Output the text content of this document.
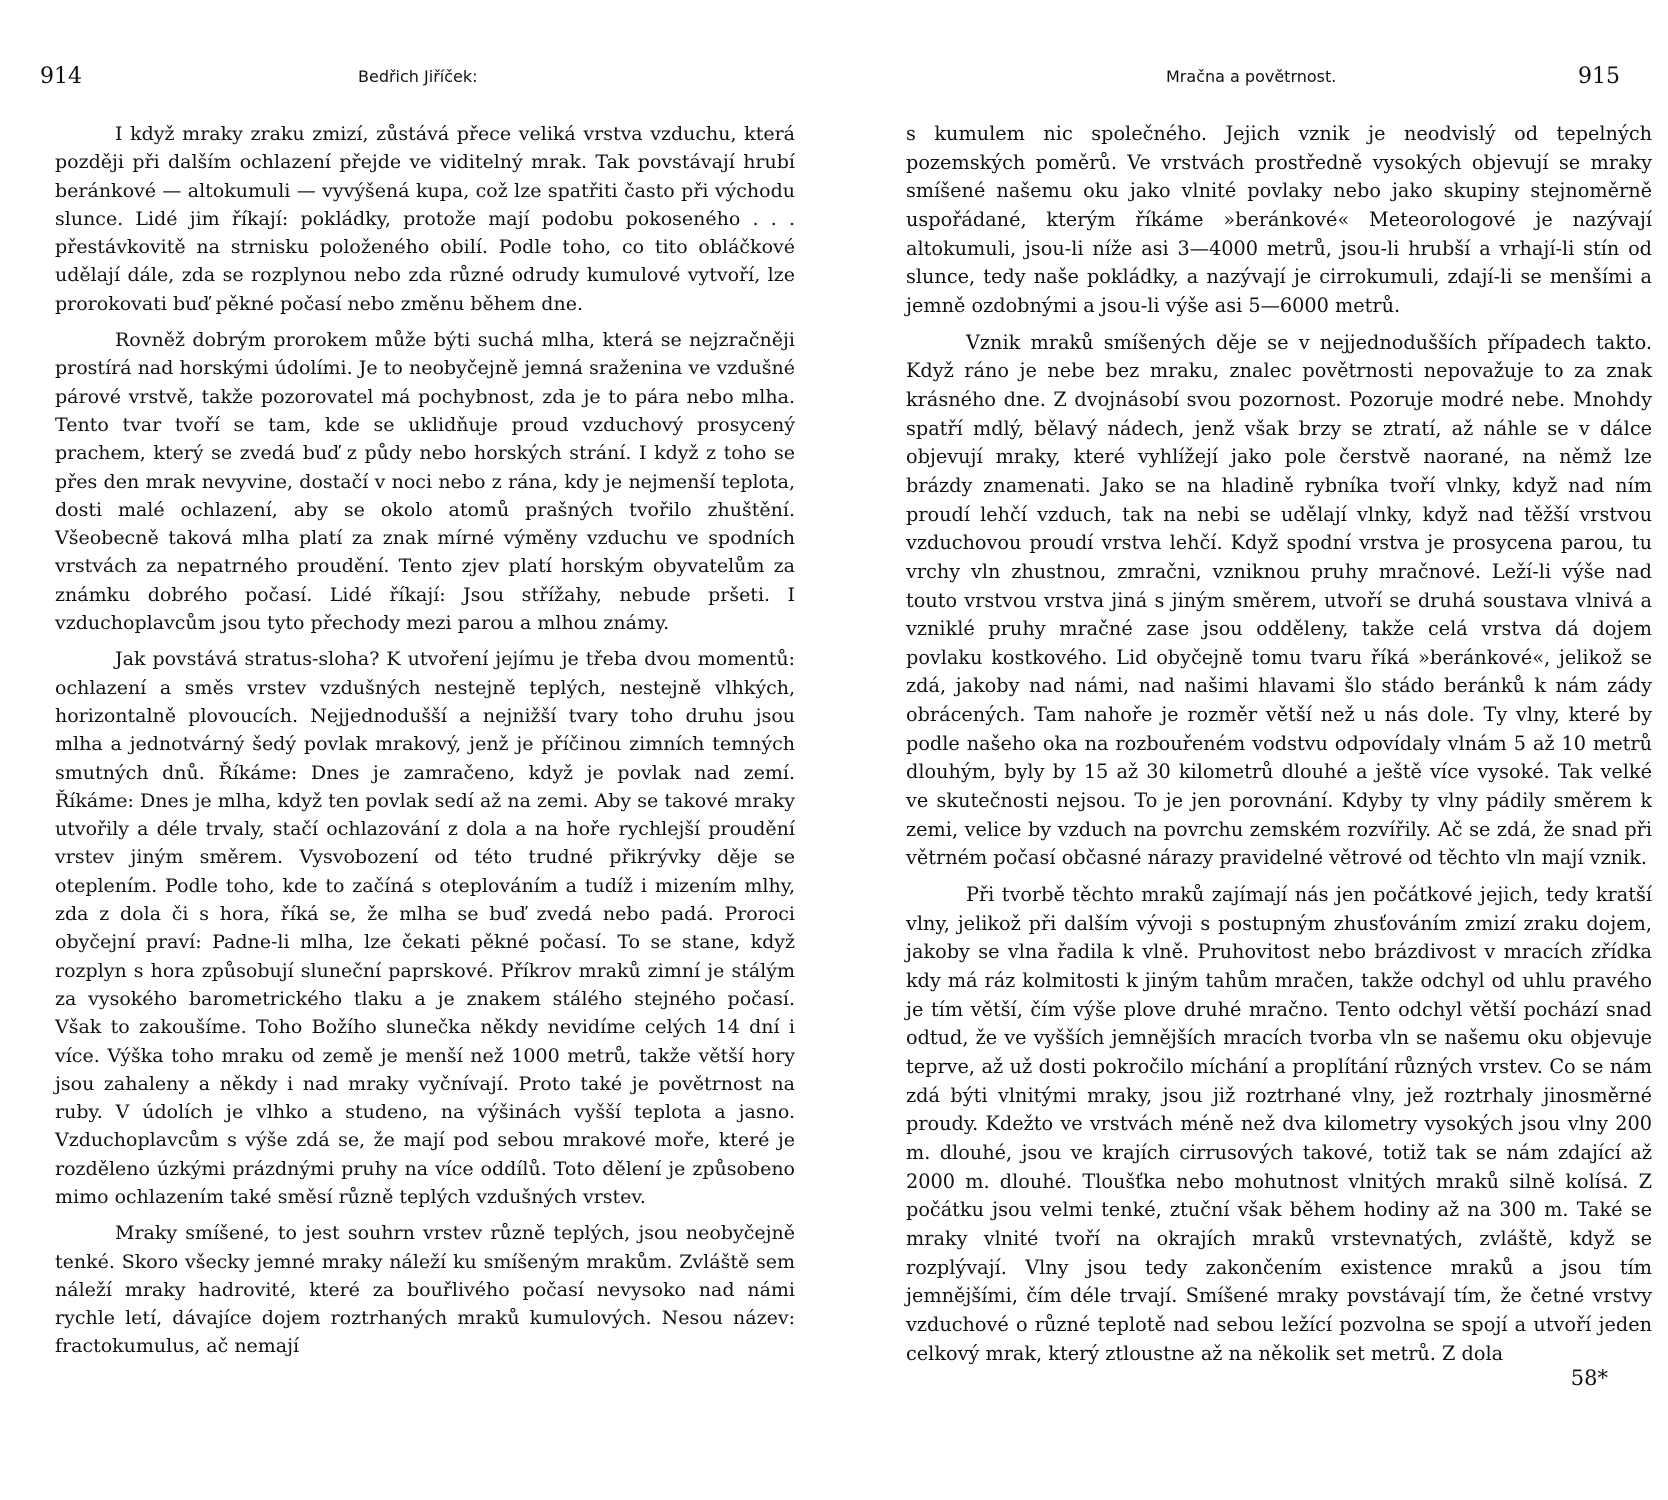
914	Bedřich Jiříček:

I když mraky zraku zmizí, zůstává přece veliká vrstva vzduchu, která později při dalším ochlazení přejde ve viditelný mrak. Tak povstávají hrubí beránkové — altokumuli — vyvýšená kupa, což lze spatřiti často při východu slunce. Lidé jim říkají: pokládky, protože mají podobu pokoseného . . . přestávkovitě na strnisku položeného obilí. Podle toho, co tito obláčkové udělají dále, zda se rozplynou nebo zda různé odrudy kumulové vytvoří, lze prorokovati buď pěkné počasí nebo změnu během dne.

Rovněž dobrým prorokem může býti suchá mlha, která se nejzračněji prostírá nad horskými údolími. Je to neobyčejně jemná sraženina ve vzdušné párové vrstvě, takže pozorovatel má pochybnost, zda je to pára nebo mlha. Tento tvar tvoří se tam, kde se uklidňuje proud vzduchový prosycený prachem, který se zvedá buď z půdy nebo horských strání. I když z toho se přes den mrak nevyvine, dostačí v noci nebo z rána, kdy je nejmenší teplota, dosti malé ochlazení, aby se okolo atomů prašných tvořilo zhuštění. Všeobecně taková mlha platí za znak mírné výměny vzduchu ve spodních vrstvách za nepatrného proudění. Tento zjev platí horským obyvatelům za známku dobrého počasí. Lidé říkají: Jsou střížahy, nebude pršeti. I vzduchoplavcům jsou tyto přechody mezi parou a mlhou známy.

Jak povstává stratus-sloha? K utvoření jejímu je třeba dvou momentů: ochlazení a směs vrstev vzdušných nestejně teplých, nestejně vlhkých, horizontalně plovoucích. Nejjednodušší a nejnižší tvary toho druhu jsou mlha a jednotvárný šedý povlak mrakový, jenž je příčinou zimních temných smutných dnů. Říkáme: Dnes je zamračeno, když je povlak nad zemí. Říkáme: Dnes je mlha, když ten povlak sedí až na zemi. Aby se takové mraky utvořily a déle trvaly, stačí ochlazování z dola a na hoře rychlejší proudění vrstev jiným směrem. Vysvobození od této trudné přikrývky děje se oteplením. Podle toho, kde to začíná s oteplováním a tudíž i mizením mlhy, zda z dola či s hora, říká se, že mlha se buď zvedá nebo padá. Proroci obyčejní praví: Padne-li mlha, lze čekati pěkné počasí. To se stane, když rozplyn s hora způsobují sluneční paprskové. Příkrov mraků zimní je stálým za vysokého barometrického tlaku a je znakem stálého stejného počasí. Však to zakoušíme. Toho Božího slunečka někdy nevidíme celých 14 dní i více. Výška toho mraku od země je menší než 1000 metrů, takže větší hory jsou zahaleny a někdy i nad mraky vyčnívají. Proto také je povětrnost na ruby. V údolích je vlhko a studeno, na výšinách vyšší teplota a jasno. Vzduchoplavcům s výše zdá se, že mají pod sebou mrakové moře, které je rozděleno úzkými prázdnými pruhy na více oddílů. Toto dělení je způsobeno mimo ochlazením také směsí různě teplých vzdušných vrstev.

Mraky smíšené, to jest souhrn vrstev různě teplých, jsou neobyčejně tenké. Skoro všecky jemné mraky náleží ku smíšeným mrakům. Zvláště sem náleží mraky hadrovité, které za bouřlivého počasí nevysoko nad námi rychle letí, dávajíce dojem roztrhaných mraků kumulových. Nesou název: fractokumulus, ač nemají

Mračna a povětrnost.	915

s kumulem nic společného. Jejich vznik je neodvislý od tepelných pozemských poměrů. Ve vrstvách prostředně vysokých objevují se mraky smíšené našemu oku jako vlnité povlaky nebo jako skupiny stejnoměrně uspořádané, kterým říkáme »beránkové« Meteorologové je nazývají altokumuli, jsou-li níže asi 3—4000 metrů, jsou-li hrubší a vrhají-li stín od slunce, tedy naše pokládky, a nazývají je cirrokumuli, zdají-li se menšími a jemně ozdobnými a jsou-li výše asi 5—6000 metrů.

Vznik mraků smíšených děje se v nejjednodušších případech takto. Když ráno je nebe bez mraku, znalec povětrnosti nepovažuje to za znak krásného dne. Z dvojnásobí svou pozornost. Pozoruje modré nebe. Mnohdy spatří mdlý, bělavý nádech, jenž však brzy se ztratí, až náhle se v dálce objevují mraky, které vyhlížejí jako pole čerstvě naorané, na němž lze brázdy znamenati. Jako se na hladině rybníka tvoří vlnky, když nad ním proudí lehčí vzduch, tak na nebi se udělají vlnky, když nad těžší vrstvou vzduchovou proudí vrstva lehčí. Když spodní vrstva je prosycena parou, tu vrchy vln zhustnou, zmračni, vzniknou pruhy mračnové. Leží-li výše nad touto vrstvou vrstva jiná s jiným směrem, utvoří se druhá soustava vlnivá a vzniklé pruhy mračné zase jsou odděleny, takže celá vrstva dá dojem povlaku kostkového. Lid obyčejně tomu tvaru říká »beránkové«, jelikož se zdá, jakoby nad námi, nad našimi hlavami šlo stádo beránků k nám zády obrácených. Tam nahoře je rozměr větší než u nás dole. Ty vlny, které by podle našeho oka na rozbouřeném vodstvu odpovídaly vlnám 5 až 10 metrů dlouhým, byly by 15 až 30 kilometrů dlouhé a ještě více vysoké. Tak velké ve skutečnosti nejsou. To je jen porovnání. Kdyby ty vlny pádily směrem k zemi, velice by vzduch na povrchu zemském rozvířily. Ač se zdá, že snad při větrném počasí občasné nárazy pravidelné větrové od těchto vln mají vznik.

Při tvorbě těchto mraků zajímají nás jen počátkové jejich, tedy kratší vlny, jelikož při dalším vývoji s postupným zhusťováním zmizí zraku dojem, jakoby se vlna řadila k vlně. Pruhovitost nebo brázdivost v mracích zřídka kdy má ráz kolmitosti k jiným tahům mračen, takže odchyl od uhlu pravého je tím větší, čím výše plove druhé mračno. Tento odchyl větší pochází snad odtud, že ve vyšších jemnějších mracích tvorba vln se našemu oku objevuje teprve, až už dosti pokročilo míchání a proplítání různých vrstev. Co se nám zdá býti vlnitými mraky, jsou již roztrhané vlny, jež roztrhaly jinosměrné proudy. Kdežto ve vrstvách méně než dva kilometry vysokých jsou vlny 200 m. dlouhé, jsou ve krajích cirrusových takové, totiž tak se nám zdající až 2000 m. dlouhé. Tloušťka nebo mohutnost vlnitých mraků silně kolísá. Z počátku jsou velmi tenké, ztuční však během hodiny až na 300 m. Také se mraky vlnité tvoří na okrajích mraků vrstevnatých, zvláště, když se rozplývají. Vlny jsou tedy zakončením existence mraků a jsou tím jemnějšími, čím déle trvají. Smíšené mraky povstávají tím, že četné vrstvy vzduchové o různé teplotě nad sebou ležící pozvolna se spojí a utvoří jeden celkový mrak, který ztloustne až na několik set metrů. Z dola

58*
